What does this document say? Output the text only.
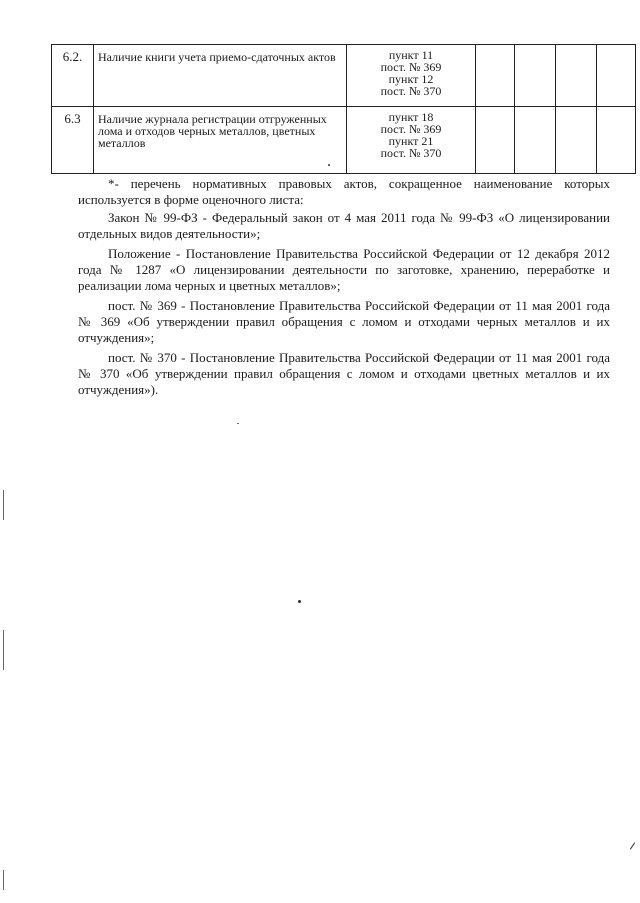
6.2.	Наличие книги учета приемо-сдаточных актов	пункт 11
пост. № 369
пункт 12
пост. № 370				

6.3	Наличие журнала регистрации отгруженных лома и отходов черных металлов, цветных металлов	пункт 18
пост. № 369
пункт 21
пост. № 370				

*- перечень нормативных правовых актов, сокращенное наименование которых используется в форме оценочного листа:

Закон № 99-ФЗ - Федеральный закон от 4 мая 2011 года № 99-ФЗ «О лицензировании отдельных видов деятельности»;

Положение - Постановление Правительства Российской Федерации от 12 декабря 2012 года № 1287 «О лицензировании деятельности по заготовке, хранению, переработке и реализации лома черных и цветных металлов»;

пост. № 369 - Постановление Правительства Российской Федерации от 11 мая 2001 года № 369 «Об утверждении правил обращения с ломом и отходами черных металлов и их отчуждения»;

пост. № 370 - Постановление Правительства Российской Федерации от 11 мая 2001 года № 370 «Об утверждении правил обращения с ломом и отходами цветных металлов и их отчуждения»).
